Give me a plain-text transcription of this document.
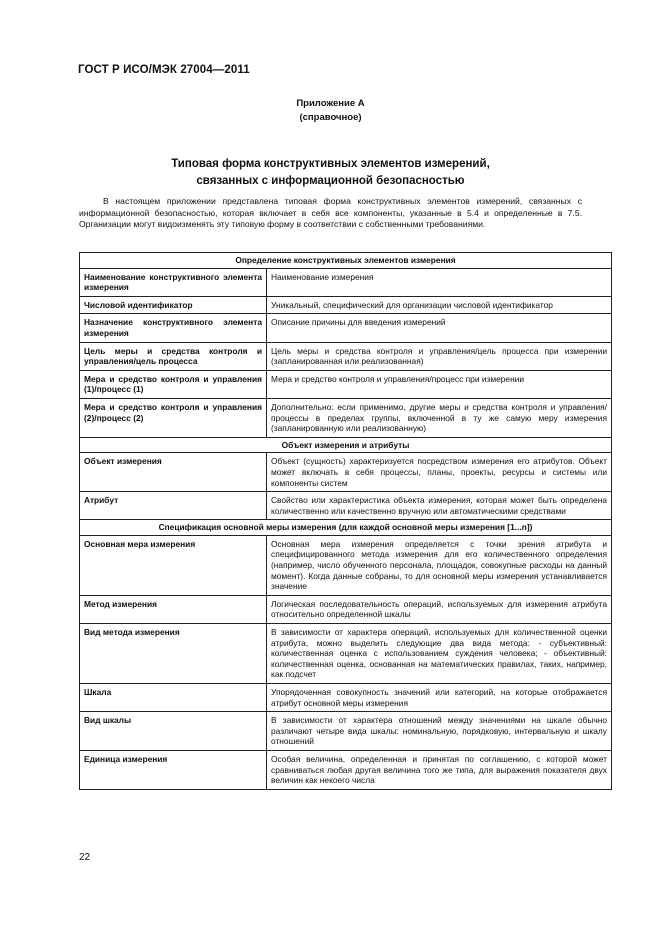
ГОСТ Р ИСО/МЭК 27004—2011
Приложение А
(справочное)
Типовая форма конструктивных элементов измерений,
связанных с информационной безопасностью

В настоящем приложении представлена типовая форма конструктивных элементов измерений, связанных с информационной безопасностью, которая включает в себя все компоненты, указанные в 5.4 и определенные в 7.5. Организации могут видоизменять эту типовую форму в соответствии с собственными требованиями.

Определение конструктивных элементов измерения	
Наименование конструктивного элемента измерения	Наименование измерения
Числовой идентификатор	Уникальный, специфический для организации числовой идентификатор
Назначение конструктивного элемента измерения	Описание причины для введения измерений
Цель меры и средства контроля и управления/цель процесса	Цель меры и средства контроля и управления/цель процесса при измерении (запланированная или реализованная)
Мера и средство контроля и управления (1)/процесс (1)	Мера и средство контроля и управления/процесс при измерении
Мера и средство контроля и управления (2)/процесс (2)	Дополнительно: если применимо, другие меры и средства контроля и управления/процессы в пределах группы, включенной в ту же самую меру измерения (запланированную или реализованную)
Объект измерения и атрибуты	
Объект измерения	Объект (сущность) характеризуется посредством измерения его атрибутов. Объект может включать в себя процессы, планы, проекты, ресурсы и системы или компоненты систем
Атрибут	Свойство или характеристика объекта измерения, которая может быть определена количественно или качественно вручную или автоматическими средствами
Спецификация основной меры измерения (для каждой основной меры измерения [1...n])	
Основная мера измерения	Основная мера измерения определяется с точки зрения атрибута и специфицированного метода измерения для его количественного определения (например, число обученного персонала, площадок, совокупные расходы на данный момент). Когда данные собраны, то для основной меры измерения устанавливается значение
Метод измерения	Логическая последовательность операций, используемых для измерения атрибута относительно определенной шкалы
Вид метода измерения	В зависимости от характера операций, используемых для количественной оценки атрибута, можно выделить следующие два вида метода: - субъективный: количественная оценка с использованием суждения человека; - объективный: количественная оценка, основанная на математических правилах, таких, например, как подсчет
Шкала	Упорядоченная совокупность значений или категорий, на которые отображается атрибут основной меры измерения
Вид шкалы	В зависимости от характера отношений между значениями на шкале обычно различают четыре вида шкалы: номинальную, порядковую, интервальную и шкалу отношений
Единица измерения	Особая величина, определенная и принятая по соглашению, с которой может сравниваться любая другая величина того же типа, для выражения показателя двух величин как некоего числа
22
